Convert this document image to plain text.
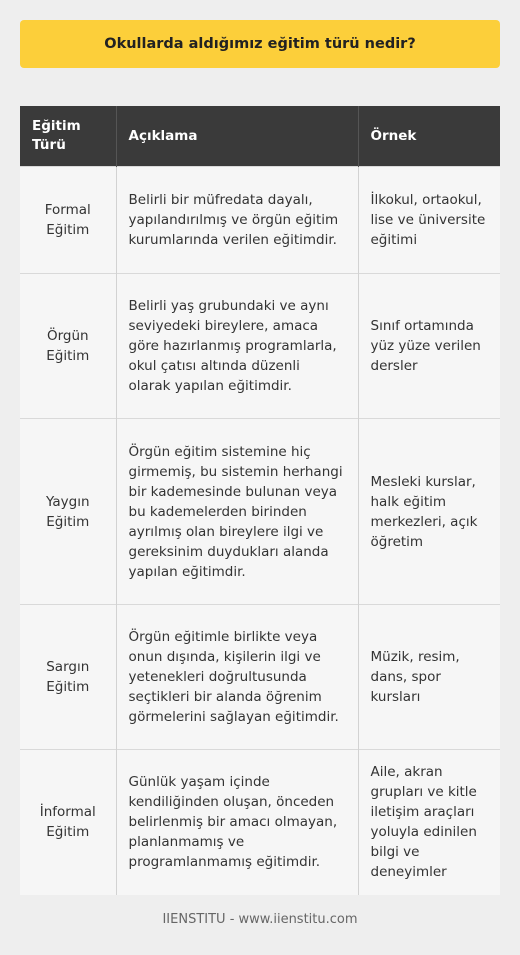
Okullarda aldığımız eğitim türü nedir?
Eğitim Türü	Açıklama	Örnek
Formal Eğitim	Belirli bir müfredata dayalı, yapılandırılmış ve örgün eğitim kurumlarında verilen eğitimdir.	İlkokul, ortaokul, lise ve üniversite eğitimi
Örgün Eğitim	Belirli yaş grubundaki ve aynı seviyedeki bireylere, amaca göre hazırlanmış programlarla, okul çatısı altında düzenli olarak yapılan eğitimdir.	Sınıf ortamında yüz yüze verilen dersler
Yaygın Eğitim	Örgün eğitim sistemine hiç girmemiş, bu sistemin herhangi bir kademesinde bulunan veya bu kademelerden birinden ayrılmış olan bireylere ilgi ve gereksinim duydukları alanda yapılan eğitimdir.	Mesleki kurslar, halk eğitim merkezleri, açık öğretim
Sargın Eğitim	Örgün eğitimle birlikte veya onun dışında, kişilerin ilgi ve yetenekleri doğrultusunda seçtikleri bir alanda öğrenim görmelerini sağlayan eğitimdir.	Müzik, resim, dans, spor kursları
İnformal Eğitim	Günlük yaşam içinde kendiliğinden oluşan, önceden belirlenmiş bir amacı olmayan, planlanmamış ve programlanmamış eğitimdir.	Aile, akran grupları ve kitle iletişim araçları yoluyla edinilen bilgi ve deneyimler
IIENSTITU - www.iienstitu.com
